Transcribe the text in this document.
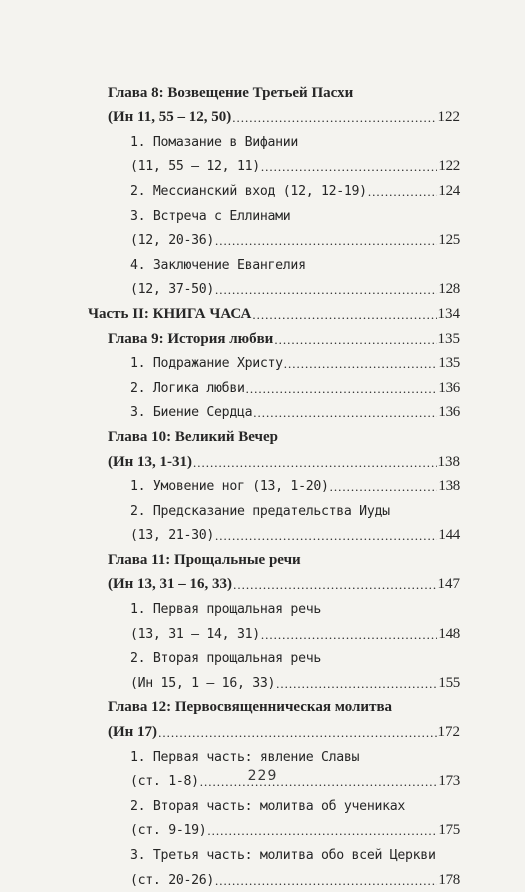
Глава 8: Возвещение Третьей Пасхи
(Ин 11, 55 – 12, 50) .....	122
1. Помазание в Вифании
(11, 55 – 12, 11) .....	122
2. Мессианский вход (12, 12-19) .....	124
3. Встреча с Еллинами
(12, 20-36) .....	125
4. Заключение Евангелия
(12, 37-50) .....	128
Часть II: КНИГА ЧАСА .....	134
Глава 9: История любви .....	135
1. Подражание Христу .....	135
2. Логика любви .....	136
3. Биение Сердца .....	136
Глава 10: Великий Вечер
(Ин 13, 1-31) .....	138
1. Умовение ног (13, 1-20) .....	138
2. Предсказание предательства Иуды
(13, 21-30) .....	144
Глава 11: Прощальные речи
(Ин 13, 31 – 16, 33) .....	147
1. Первая прощальная речь
(13, 31 – 14, 31) .....	148
2. Вторая прощальная речь
(Ин 15, 1 – 16, 33) .....	155
Глава 12: Первосвященническая молитва
(Ин 17) .....	172
1. Первая часть: явление Славы
(ст. 1-8) .....	173
2. Вторая часть: молитва об учениках
(ст. 9-19) .....	175
3. Третья часть: молитва обо всей Церкви
(ст. 20-26) .....	178
229
